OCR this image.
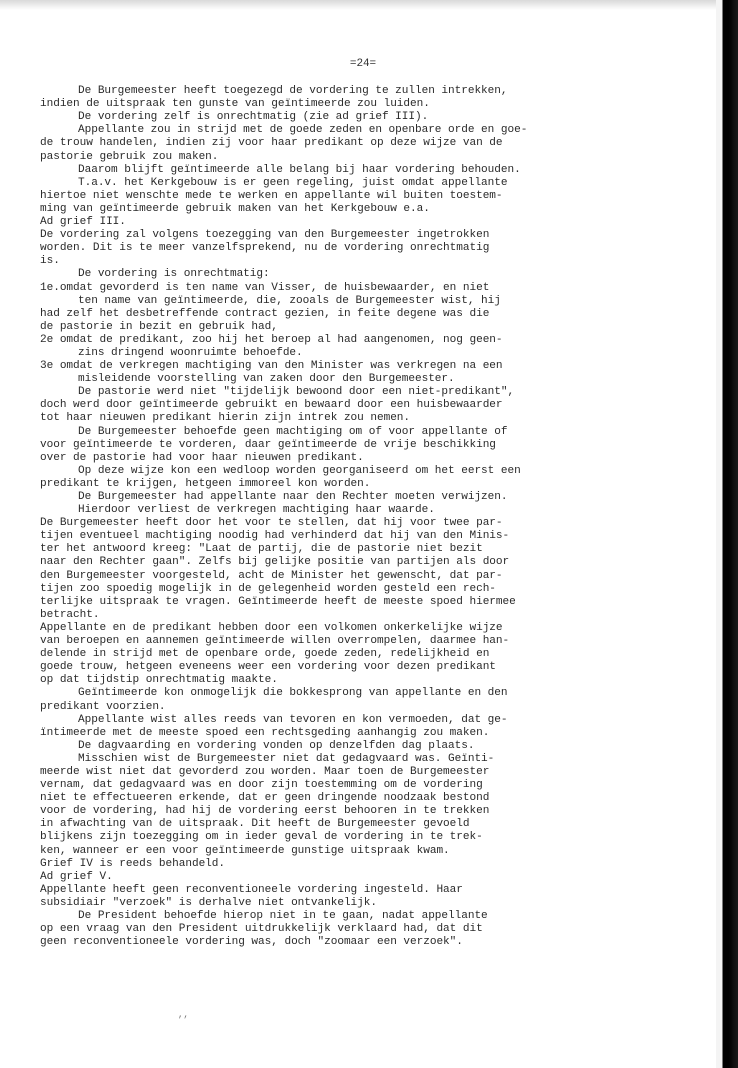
=24=
De Burgemeester heeft toegezegd de vordering te zullen intrekken,
indien de uitspraak ten gunste van geïntimeerde zou luiden.
De vordering zelf is onrechtmatig (zie ad grief III).
Appellante zou in strijd met de goede zeden en openbare orde en goe-
de trouw handelen, indien zij voor haar predikant op deze wijze van de
pastorie gebruik zou maken.
Daarom blijft geïntimeerde alle belang bij haar vordering behouden.
T.a.v. het Kerkgebouw is er geen regeling, juist omdat appellante
hiertoe niet wenschte mede te werken en appellante wil buiten toestem-
ming van geïntimeerde gebruik maken van het Kerkgebouw e.a.
Ad grief III.
De vordering zal volgens toezegging van den Burgemeester ingetrokken
worden. Dit is te meer vanzelfsprekend, nu de vordering onrechtmatig
is.
De vordering is onrechtmatig:
1e.omdat gevorderd is ten name van Visser, de huisbewaarder, en niet
ten name van geïntimeerde, die, zooals de Burgemeester wist, hij
had zelf het desbetreffende contract gezien, in feite degene was die
de pastorie in bezit en gebruik had,
2e omdat de predikant, zoo hij het beroep al had aangenomen, nog geen-
zins dringend woonruimte behoefde.
3e omdat de verkregen machtiging van den Minister was verkregen na een
misleidende voorstelling van zaken door den Burgemeester.
De pastorie werd niet "tijdelijk bewoond door een niet-predikant",
doch werd door geïntimeerde gebruikt en bewaard door een huisbewaarder
tot haar nieuwen predikant hierin zijn intrek zou nemen.
De Burgemeester behoefde geen machtiging om of voor appellante of
voor geïntimeerde te vorderen, daar geïntimeerde de vrije beschikking
over de pastorie had voor haar nieuwen predikant.
Op deze wijze kon een wedloop worden georganiseerd om het eerst een
predikant te krijgen, hetgeen immoreel kon worden.
De Burgemeester had appellante naar den Rechter moeten verwijzen.
Hierdoor verliest de verkregen machtiging haar waarde.
De Burgemeester heeft door het voor te stellen, dat hij voor twee par-
tijen eventueel machtiging noodig had verhinderd dat hij van den Minis-
ter het antwoord kreeg: "Laat de partij, die de pastorie niet bezit
naar den Rechter gaan". Zelfs bij gelijke positie van partijen als door
den Burgemeester voorgesteld, acht de Minister het gewenscht, dat par-
tijen zoo spoedig mogelijk in de gelegenheid worden gesteld een rech-
terlijke uitspraak te vragen. Geïntimeerde heeft de meeste spoed hiermee
betracht.
Appellante en de predikant hebben door een volkomen onkerkelijke wijze
van beroepen en aannemen geïntimeerde willen overrompelen, daarmee han-
delende in strijd met de openbare orde, goede zeden, redelijkheid en
goede trouw, hetgeen eveneens weer een vordering voor dezen predikant
op dat tijdstip onrechtmatig maakte.
Geïntimeerde kon onmogelijk die bokkesprong van appellante en den
predikant voorzien.
Appellante wist alles reeds van tevoren en kon vermoeden, dat ge-
ïntimeerde met de meeste spoed een rechtsgeding aanhangig zou maken.
De dagvaarding en vordering vonden op denzelfden dag plaats.
Misschien wist de Burgemeester niet dat gedagvaard was. Geïnti-
meerde wist niet dat gevorderd zou worden. Maar toen de Burgemeester
vernam, dat gedagvaard was en door zijn toestemming om de vordering
niet te effectueeren erkende, dat er geen dringende noodzaak bestond
voor de vordering, had hij de vordering eerst behooren in te trekken
in afwachting van de uitspraak. Dit heeft de Burgemeester gevoeld
blijkens zijn toezegging om in ieder geval de vordering in te trek-
ken, wanneer er een voor geïntimeerde gunstige uitspraak kwam.
Grief IV is reeds behandeld.
Ad grief V.
Appellante heeft geen reconventioneele vordering ingesteld. Haar
subsidiair "verzoek" is derhalve niet ontvankelijk.
De President behoefde hierop niet in te gaan, nadat appellante
op een vraag van den President uitdrukkelijk verklaard had, dat dit
geen reconventioneele vordering was, doch "zoomaar een verzoek".
,,
